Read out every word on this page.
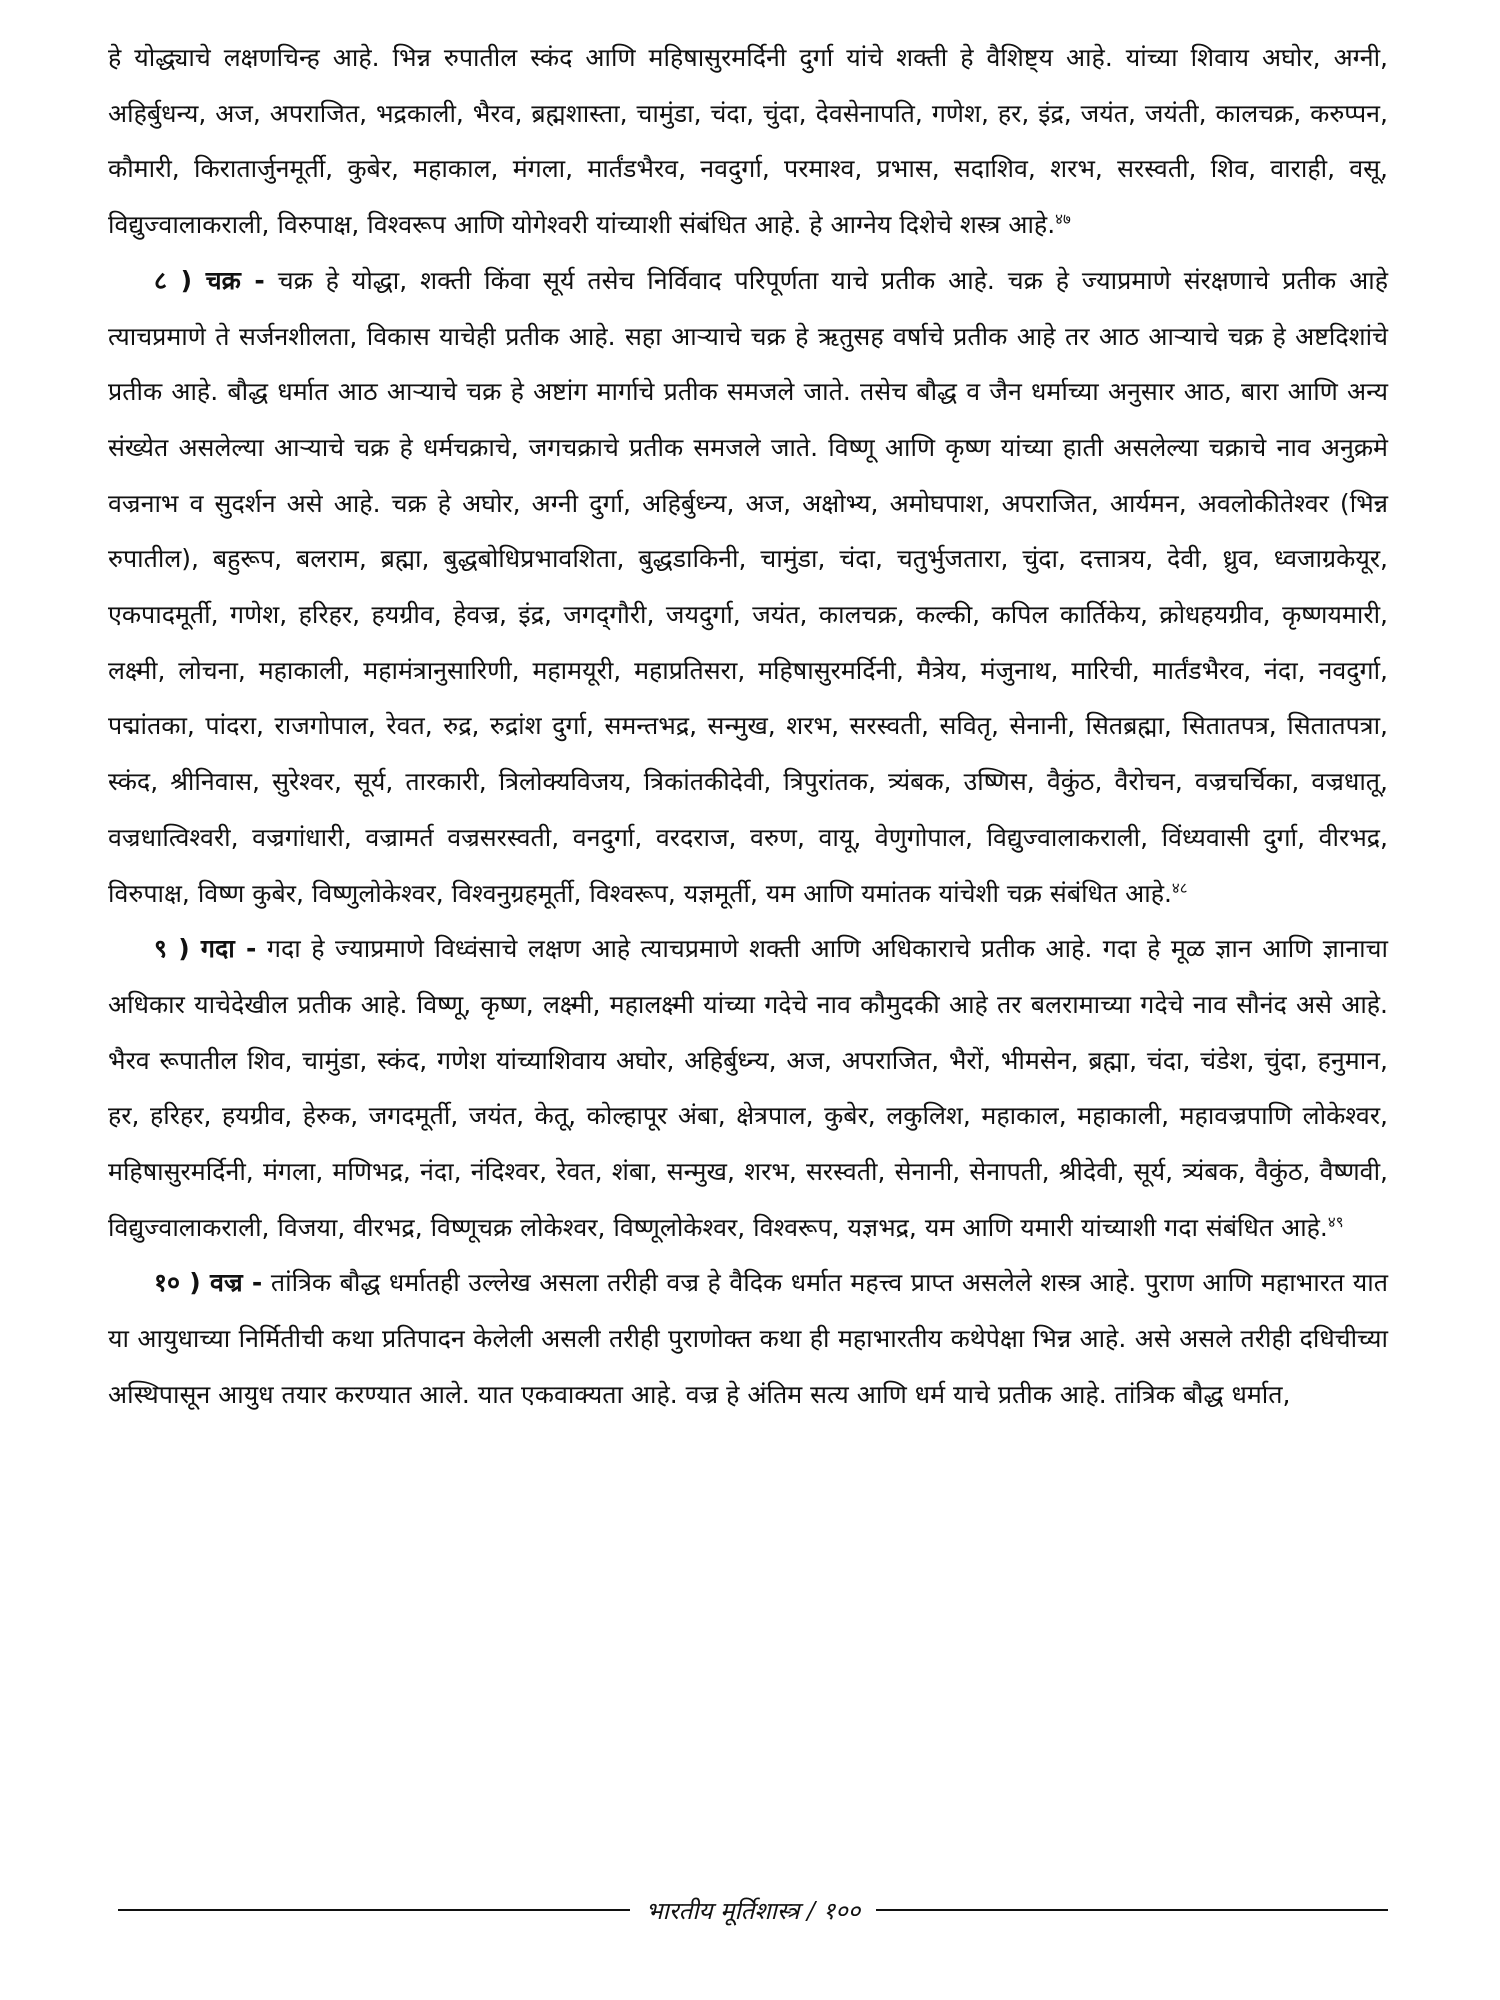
हे योद्ध्याचे लक्षणचिन्ह आहे. भिन्न रुपातील स्कंद आणि महिषासुरमर्दिनी दुर्गा यांचे शक्ती हे वैशिष्ट्य आहे. यांच्या शिवाय अघोर, अग्नी, अहिर्बुधन्य, अज, अपराजित, भद्रकाली, भैरव, ब्रह्मशास्ता, चामुंडा, चंदा, चुंदा, देवसेनापति, गणेश, हर, इंद्र, जयंत, जयंती, कालचक्र, करुप्पन, कौमारी, किरातार्जुनमूर्ती, कुबेर, महाकाल, मंगला, मार्तंडभैरव, नवदुर्गा, परमाश्व, प्रभास, सदाशिव, शरभ, सरस्वती, शिव, वाराही, वसू, विद्युज्वालाकराली, विरुपाक्ष, विश्वरूप आणि योगेश्वरी यांच्याशी संबंधित आहे. हे आग्नेय दिशेचे शस्त्र आहे.$^{४७}$

८ ) चक्र - चक्र हे योद्धा, शक्ती किंवा सूर्य तसेच निर्विवाद परिपूर्णता याचे प्रतीक आहे. चक्र हे ज्याप्रमाणे संरक्षणाचे प्रतीक आहे त्याचप्रमाणे ते सर्जनशीलता, विकास याचेही प्रतीक आहे. सहा आऱ्याचे चक्र हे ऋतुसह वर्षाचे प्रतीक आहे तर आठ आऱ्याचे चक्र हे अष्टदिशांचे प्रतीक आहे. बौद्ध धर्मात आठ आऱ्याचे चक्र हे अष्टांग मार्गाचे प्रतीक समजले जाते. तसेच बौद्ध व जैन धर्माच्या अनुसार आठ, बारा आणि अन्य संख्येत असलेल्या आऱ्याचे चक्र हे धर्मचक्राचे, जगचक्राचे प्रतीक समजले जाते. विष्णू आणि कृष्ण यांच्या हाती असलेल्या चक्राचे नाव अनुक्रमे वज्रनाभ व सुदर्शन असे आहे. चक्र हे अघोर, अग्नी दुर्गा, अहिर्बुध्न्य, अज, अक्षोभ्य, अमोघपाश, अपराजित, आर्यमन, अवलोकीतेश्वर (भिन्न रुपातील), बहुरूप, बलराम, ब्रह्मा, बुद्धबोधिप्रभावशिता, बुद्धडाकिनी, चामुंडा, चंदा, चतुर्भुजतारा, चुंदा, दत्तात्रय, देवी, ध्रुव, ध्वजाग्रकेयूर, एकपादमूर्ती, गणेश, हरिहर, हयग्रीव, हेवज्र, इंद्र, जगद्‌गौरी, जयदुर्गा, जयंत, कालचक्र, कल्की, कपिल कार्तिकेय, क्रोधहयग्रीव, कृष्णयमारी, लक्ष्मी, लोचना, महाकाली, महामंत्रानुसारिणी, महामयूरी, महाप्रतिसरा, महिषासुरमर्दिनी, मैत्रेय, मंजुनाथ, मारिची, मार्तंडभैरव, नंदा, नवदुर्गा, पद्मांतका, पांदरा, राजगोपाल, रेवत, रुद्र, रुद्रांश दुर्गा, समन्तभद्र, सन्मुख, शरभ, सरस्वती, सवितृ, सेनानी, सितब्रह्मा, सितातपत्र, सितातपत्रा, स्कंद, श्रीनिवास, सुरेश्वर, सूर्य, तारकारी, त्रिलोक्यविजय, त्रिकांतकीदेवी, त्रिपुरांतक, त्र्यंबक, उष्णिस, वैकुंठ, वैरोचन, वज्रचर्चिका, वज्रधातू, वज्रधात्विश्वरी, वज्रगांधारी, वज्रामर्त वज्रसरस्वती, वनदुर्गा, वरदराज, वरुण, वायू, वेणुगोपाल, विद्युज्वालाकराली, विंध्यवासी दुर्गा, वीरभद्र, विरुपाक्ष, विष्ण कुबेर, विष्णुलोकेश्वर, विश्वनुग्रहमूर्ती, विश्वरूप, यज्ञमूर्ती, यम आणि यमांतक यांचेशी चक्र संबंधित आहे.$^{४८}$

९ ) गदा - गदा हे ज्याप्रमाणे विध्वंसाचे लक्षण आहे त्याचप्रमाणे शक्ती आणि अधिकाराचे प्रतीक आहे. गदा हे मूळ ज्ञान आणि ज्ञानाचा अधिकार याचेदेखील प्रतीक आहे. विष्णू, कृष्ण, लक्ष्मी, महालक्ष्मी यांच्या गदेचे नाव कौमुदकी आहे तर बलरामाच्या गदेचे नाव सौनंद असे आहे. भैरव रूपातील शिव, चामुंडा, स्कंद, गणेश यांच्याशिवाय अघोर, अहिर्बुध्न्य, अज, अपराजित, भैरों, भीमसेन, ब्रह्मा, चंदा, चंडेश, चुंदा, हनुमान, हर, हरिहर, हयग्रीव, हेरुक, जगदमूर्ती, जयंत, केतू, कोल्हापूर अंबा, क्षेत्रपाल, कुबेर, लकुलिश, महाकाल, महाकाली, महावज्रपाणि लोकेश्वर, महिषासुरमर्दिनी, मंगला, मणिभद्र, नंदा, नंदिश्वर, रेवत, शंबा, सन्मुख, शरभ, सरस्वती, सेनानी, सेनापती, श्रीदेवी, सूर्य, त्र्यंबक, वैकुंठ, वैष्णवी, विद्युज्वालाकराली, विजया, वीरभद्र, विष्णूचक्र लोकेश्वर, विष्णूलोकेश्वर, विश्वरूप, यज्ञभद्र, यम आणि यमारी यांच्याशी गदा संबंधित आहे.$^{४९}$

१० ) वज्र - तांत्रिक बौद्ध धर्मातही उल्लेख असला तरीही वज्र हे वैदिक धर्मात महत्त्व प्राप्त असलेले शस्त्र आहे. पुराण आणि महाभारत यात या आयुधाच्या निर्मितीची कथा प्रतिपादन केलेली असली तरीही पुराणोक्त कथा ही महाभारतीय कथेपेक्षा भिन्न आहे. असे असले तरीही दधिचीच्या अस्थिपासून आयुध तयार करण्यात आले. यात एकवाक्यता आहे. वज्र हे अंतिम सत्य आणि धर्म याचे प्रतीक आहे. तांत्रिक बौद्ध धर्मात,

भारतीय मूर्तिशास्त्र / १००
